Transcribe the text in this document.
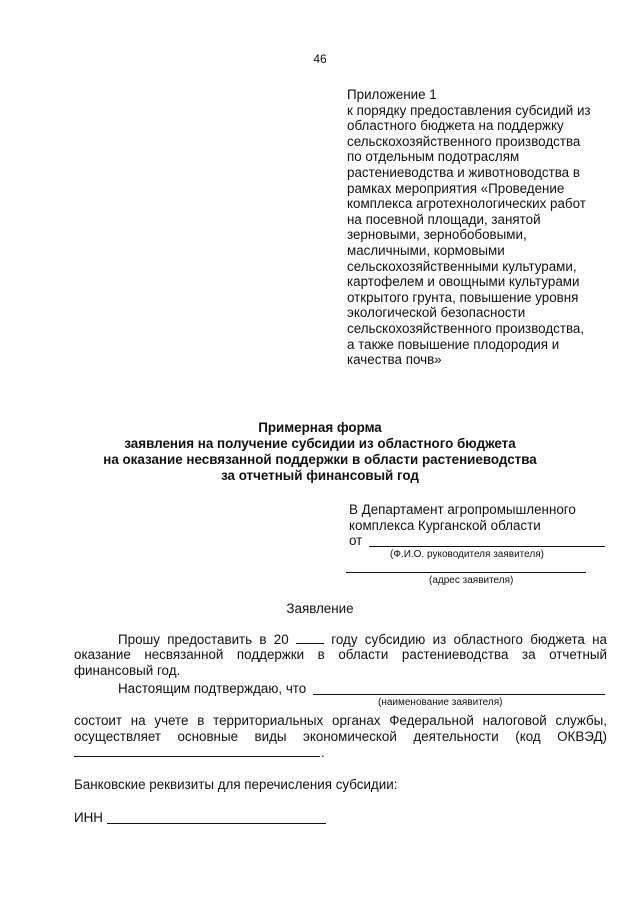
46
Приложение 1
к порядку предоставления субсидий из
областного бюджета на поддержку
сельскохозяйственного производства
по отдельным подотраслям
растениеводства и животноводства в
рамках мероприятия «Проведение
комплекса агротехнологических работ
на посевной площади, занятой
зерновыми, зернобобовыми,
масличными, кормовыми
сельскохозяйственными культурами,
картофелем и овощными культурами
открытого грунта, повышение уровня
экологической безопасности
сельскохозяйственного производства,
а также повышение плодородия и
качества почв»
Примерная форма
заявления на получение субсидии из областного бюджета
на оказание несвязанной поддержки в области растениеводства
за отчетный финансовый год
В Департамент агропромышленного
комплекса Курганской области
от
(Ф.И.О. руководителя заявителя)
(адрес заявителя)
Заявление
Прошу предоставить в 20	году субсидию из областного бюджета на
оказание несвязанной поддержки в области растениеводства за отчетный
финансовый год.
Настоящим подтверждаю, что
(наименование заявителя)
состоит на учете в территориальных органах Федеральной налоговой службы,
осуществляет основные виды экономической деятельности (код ОКВЭД)
.
Банковские реквизиты для перечисления субсидии:
ИНН
